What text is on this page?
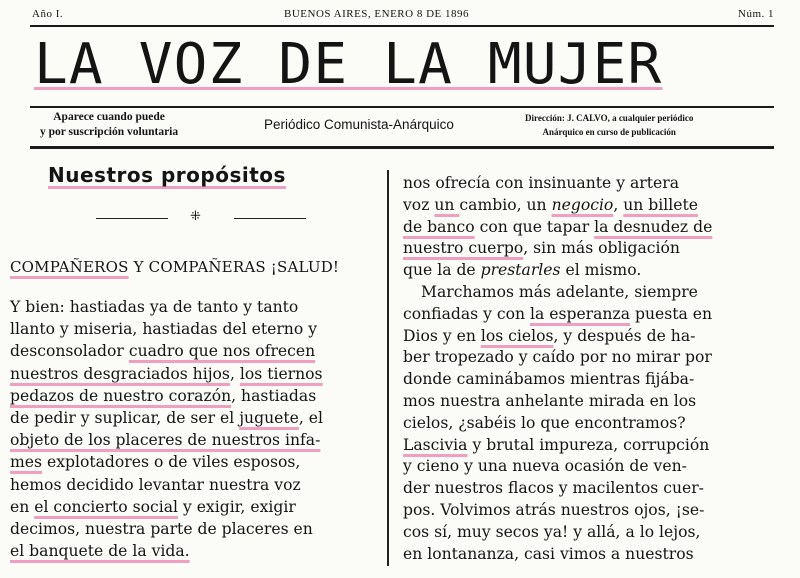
Año I.	BUENOS AIRES, ENERO 8 DE 1896	Núm. 1
LA VOZ DE LA MUJER
Aparece cuando puede
y por suscripción voluntaria	Periódico Comunista-Anárquico	Dirección: J. CALVO, a cualquier periódico
Anárquico en curso de publicación
Nuestros propósitos
⁜
COMPAÑEROS Y COMPAÑERAS ¡SALUD!
Y bien: hastiadas ya de tanto y tanto
llanto y miseria, hastiadas del eterno y
desconsolador cuadro que nos ofrecen
nuestros desgraciados hijos, los tiernos
pedazos de nuestro corazón, hastiadas
de pedir y suplicar, de ser el juguete, el
objeto de los placeres de nuestros infa-
mes explotadores o de viles esposos,
hemos decidido levantar nuestra voz
en el concierto social y exigir, exigir
decimos, nuestra parte de placeres en
el banquete de la vida.
nos ofrecía con insinuante y artera
voz un cambio, un negocio, un billete
de banco con que tapar la desnudez de
nuestro cuerpo, sin más obligación
que la de prestarles el mismo.
Marchamos más adelante, siempre
confiadas y con la esperanza puesta en
Dios y en los cielos, y después de ha-
ber tropezado y caído por no mirar por
donde caminábamos mientras fijába-
mos nuestra anhelante mirada en los
cielos, ¿sabéis lo que encontramos?
Lascivia y brutal impureza, corrupción
y cieno y una nueva ocasión de ven-
der nuestros flacos y macilentos cuer-
pos. Volvimos atrás nuestros ojos, ¡se-
cos sí, muy secos ya! y allá, a lo lejos,
en lontananza, casi vimos a nuestros
